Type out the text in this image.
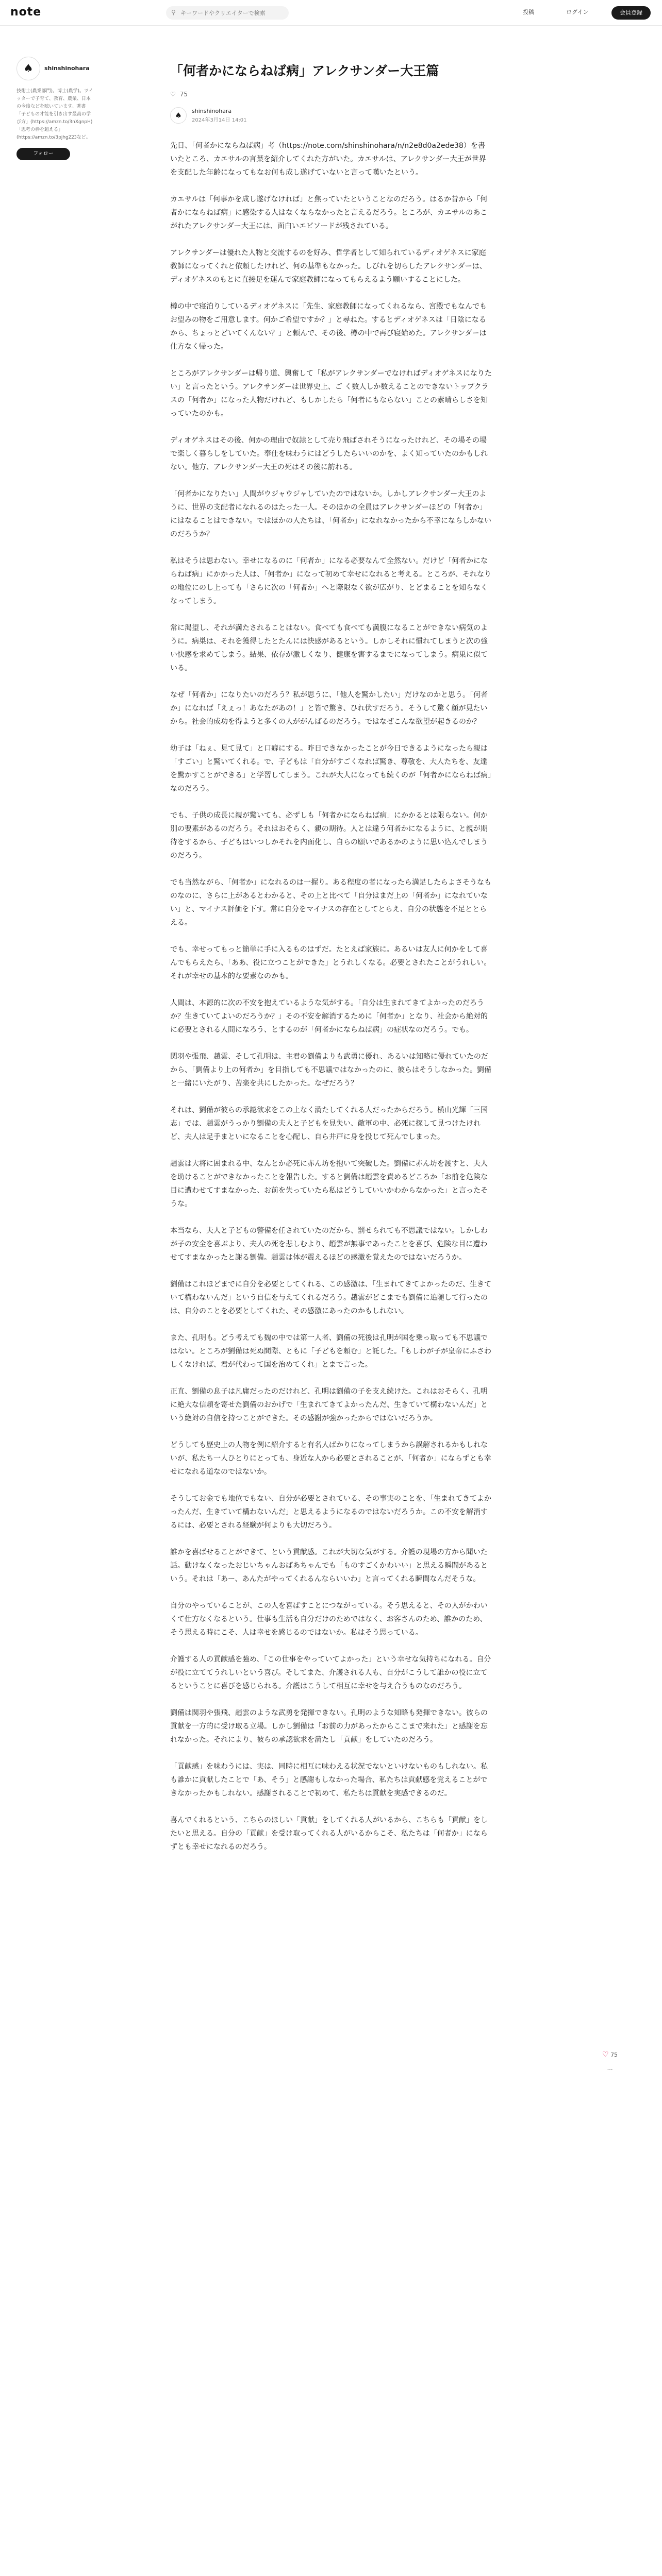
note	⚲
キーワードやクリエイターで検索	投稿	ログイン	会員登録
♠	shinshinohara
技術士(農業部門)。博士(農学)。ツイッターで子育て、教育、農業、日本の今後などを呟いています。著書「子どもの才能を引き出す最高の学び方」(https://amzn.to/3nXgnpH)「思考の枠を超える」(https://amzn.to/3pjhgZZ)など。
フォロー
「何者かにならねば病」アレクサンダー大王篇
♡ 75
♠	shinshinohara
2024年3月14日 14:01

先日、「何者かにならねば病」考（https://note.com/shinshinohara/n/n2e8d0a2ede38）を書いたところ、カエサルの言葉を紹介してくれた方がいた。カエサルは、アレクサンダー大王が世界を支配した年齢になってもなお何も成し遂げていないと言って嘆いたという。

カエサルは「何事かを成し遂げなければ」と焦っていたということなのだろう。はるか昔から「何者かにならねば病」に感染する人はなくならなかったと言えるだろう。ところが、カエサルのあこがれたアレクサンダー大王には、面白いエピソードが残されている。

アレクサンダーは優れた人物と交流するのを好み、哲学者として知られているディオゲネスに家庭教師になってくれと依頼したけれど、何の基準もなかった。しびれを切らしたアレクサンダーは、ディオゲネスのもとに直接足を運んで家庭教師になってもらえるよう願いすることにした。

樽の中で寝泊りしているディオゲネスに「先生、家庭教師になってくれるなら、宮殿でもなんでもお望みの物をご用意します。何かご希望ですか？」と尋ねた。するとディオゲネスは「日陰になるから、ちょっとどいてくんない？」と頼んで、その後、樽の中で再び寝始めた。アレクサンダーは仕方なく帰った。

ところがアレクサンダーは帰り道、興奮して「私がアレクサンダーでなければディオゲネスになりたい」と言ったという。アレクサンダーは世界史上、ご く数人しか数えることのできないトップクラスの「何者か」になった人物だけれど、もしかしたら「何者にもならない」ことの素晴らしさを知っていたのかも。

ディオゲネスはその後、何かの理由で奴隷として売り飛ばされそうになったけれど、その場その場で楽しく暮らしをしていた。奉仕を味わうにはどうしたらいいのかを、よく知っていたのかもしれない。他方、アレクサンダー大王の死はその後に訪れる。

「何者かになりたい」人間がウジャウジャしていたのではないか。しかしアレクサンダー大王のように、世界の支配者になれるのはたった一人。そのほかの全員はアレクサンダーほどの「何者か」にはなることはできない。ではほかの人たちは、「何者か」になれなかったから不幸にならしかないのだろうか？

私はそうは思わない。幸せになるのに「何者か」になる必要なんて全然ない。だけど「何者かにならねば病」にかかった人は、「何者か」になって初めて幸せになれると考える。ところが、それなりの地位にのし上っても「さらに次の「何者か」へと際限なく欲が広がり、とどまることを知らなくなってしまう。

常に渇望し、それが満たされることはない。食べても食べても満腹になることができない病気のように。病巣は、それを獲得したとたんには快感があるという。しかしそれに慣れてしまうと次の強い快感を求めてしまう。結果、依存が激しくなり、健康を害するまでになってしまう。病巣に似ている。

なぜ「何者か」になりたいのだろう？私が思うに、「他人を驚かしたい」だけなのかと思う。「何者か」になれば「えぇっ！あなたがあの！」と皆で驚き、ひれ伏すだろう。そうして驚く顔が見たいから。社会的成功を得ようと多くの人ががんばるのだろう。ではなぜこんな欲望が起きるのか？

幼子は「ねぇ、見て見て」と口癖にする。昨日できなかったことが今日できるようになったら親は「すごい」と驚いてくれる。で、子どもは「自分がすごくなれば驚き、尊敬を、大人たちを、友達を驚かすことができる」と学習してしまう。これが大人になっても続くのが「何者かにならねば病」なのだろう。

でも、子供の成長に親が驚いても、必ずしも「何者かにならねば病」にかかるとは限らない。何か別の要素があるのだろう。それはおそらく、親の期待。人とは違う何者かになるように、と親が期待をするから、子どもはいつしかそれを内面化し、自らの願いであるかのように思い込んでしまうのだろう。

でも当然ながら、「何者か」になれるのは一握り。ある程度の者になったら満足したらよさそうなものなのに、さらに上があるとわかると、その上と比べて「自分はまだ上の「何者か」になれていない」と、マイナス評価を下す。常に自分をマイナスの存在としてとらえ、自分の状態を不足ととらえる。

でも、幸せってもっと簡単に手に入るものはずだ。たとえば家族に。あるいは友人に何かをして喜んでもらえたら、「ああ、役に立つことができた」とうれしくなる。必要とされたことがうれしい。それが幸せの基本的な要素なのかも。

人間は、本源的に次の不安を抱えているような気がする。「自分は生まれてきてよかったのだろうか？生きていてよいのだろうか？」その不安を解消するために「何者か」となり、社会から絶対的に必要とされる人間になろう、とするのが「何者かにならねば病」の症状なのだろう。でも。

関羽や張飛、趙雲、そして孔明は、主君の劉備よりも武勇に優れ、あるいは知略に優れていたのだから、「劉備より上の何者か」を目指しても不思議ではなかったのに、彼らはそうしなかった。劉備と一緒にいたがり、苦楽を共にしたかった。なぜだろう？

それは、劉備が彼らの承認欲求をこの上なく満たしてくれる人だったからだろう。横山光輝「三国志」では、趙雲がうっかり劉備の夫人と子どもを見失い、敵軍の中、必死に探して見つけたけれど、夫人は足手まといになることを心配し、自ら井戸に身を投じて死んでしまった。

趙雲は大将に囲まれる中、なんとか必死に赤ん坊を抱いて突破した。劉備に赤ん坊を渡すと、夫人を助けることができなかったことを報告した。すると劉備は趙雲を責めるどころか「お前を危険な目に遭わせてすまなかった、お前を失っていたら私はどうしていいかわからなかった」と言ったそうな。

本当なら、夫人と子どもの警備を任されていたのだから、罰せられても不思議ではない。しかしわが子の安全を喜ぶより、夫人の死を悲しむより、趙雲が無事であったことを喜び、危険な目に遭わせてすまなかったと謝る劉備。趙雲は体が震えるほどの感激を覚えたのではないだろうか。

劉備はこれほどまでに自分を必要としてくれる、この感激は、「生まれてきてよかったのだ、生きていて構わないんだ」という自信を与えてくれるだろう。趙雲がどこまでも劉備に追随して行ったのは、自分のことを必要としてくれた、その感激にあったのかもしれない。

また、孔明も。どう考えても魏の中では第一人者、劉備の死後は孔明が国を乗っ取っても不思議ではない。ところが劉備は死ぬ間際、ともに「子どもを頼む」と託した。「もしわが子が皇帝にふさわしくなければ、君が代わって国を治めてくれ」とまで言った。

正直、劉備の息子は凡庸だったのだけれど、孔明は劉備の子を支え続けた。これはおそらく、孔明に絶大な信頼を寄せた劉備のおかげで「生まれてきてよかったんだ、生きていて構わないんだ」という絶対の自信を持つことができた。その感謝が強かったからではないだろうか。

どうしても歴史上の人物を例に紹介すると有名人ばかりになってしまうから誤解されるかもしれないが、私たち一人ひとりにとっても、身近な人から必要とされることが、「何者か」にならずとも幸せになれる道なのではないか。

そうしてお金でも地位でもない、自分が必要とされている、その事実のことを、「生まれてきてよかったんだ、生きていて構わないんだ」と思えるようになるのではないだろうか。この不安を解消するには、必要とされる経験が何よりも大切だろう。

誰かを喜ばせることができて、という貢献感。これが大切な気がする。介護の現場の方から聞いた話。動けなくなったおじいちゃんおばあちゃんでも「ものすごくかわいい」と思える瞬間があるという。それは「あー、あんたがやってくれるんならいいわ」と言ってくれる瞬間なんだそうな。

自分のやっていることが、この人を喜ばすことにつながっている。そう思えると、その人がかわいくて仕方なくなるという。仕事も生活も自分だけのためではなく、お客さんのため、誰かのため、そう思える時にこそ、人は幸せを感じるのではないか。私はそう思っている。

介護する人の貢献感を強め、「この仕事をやっていてよかった」という幸せな気持ちになれる。自分が役に立ててうれしいという喜び。そしてまた、介護される人も、自分がこうして誰かの役に立てるということに喜びを感じられる。介護はこうして相互に幸せを与え合うものなのだろう。

劉備は関羽や張飛、趙雲のような武勇を発揮できない。孔明のような知略も発揮できない。彼らの貢献を一方的に受け取る立場。しかし劉備は「お前の力があったからここまで来れた」と感謝を忘れなかった。それにより、彼らの承認欲求を満たし「貢献」をしていたのだろう。

「貢献感」を味わうには、実は、同時に相互に味わえる状況でないといけないものもしれない。私も誰かに貢献したことで「あ、そう」と感謝もしなかった場合、私たちは貢献感を覚えることができなかったかもしれない。感謝されることで初めて、私たちは貢献を実感できるのだ。

喜んでくれるという、こちらのほしい「貢献」をしてくれる人がいるから、こちらも「貢献」をしたいと思える。自分の「貢献」を受け取ってくれる人がいるからこそ、私たちは「何者か」にならずとも幸せになれるのだろう。

♡ 75
⋯
